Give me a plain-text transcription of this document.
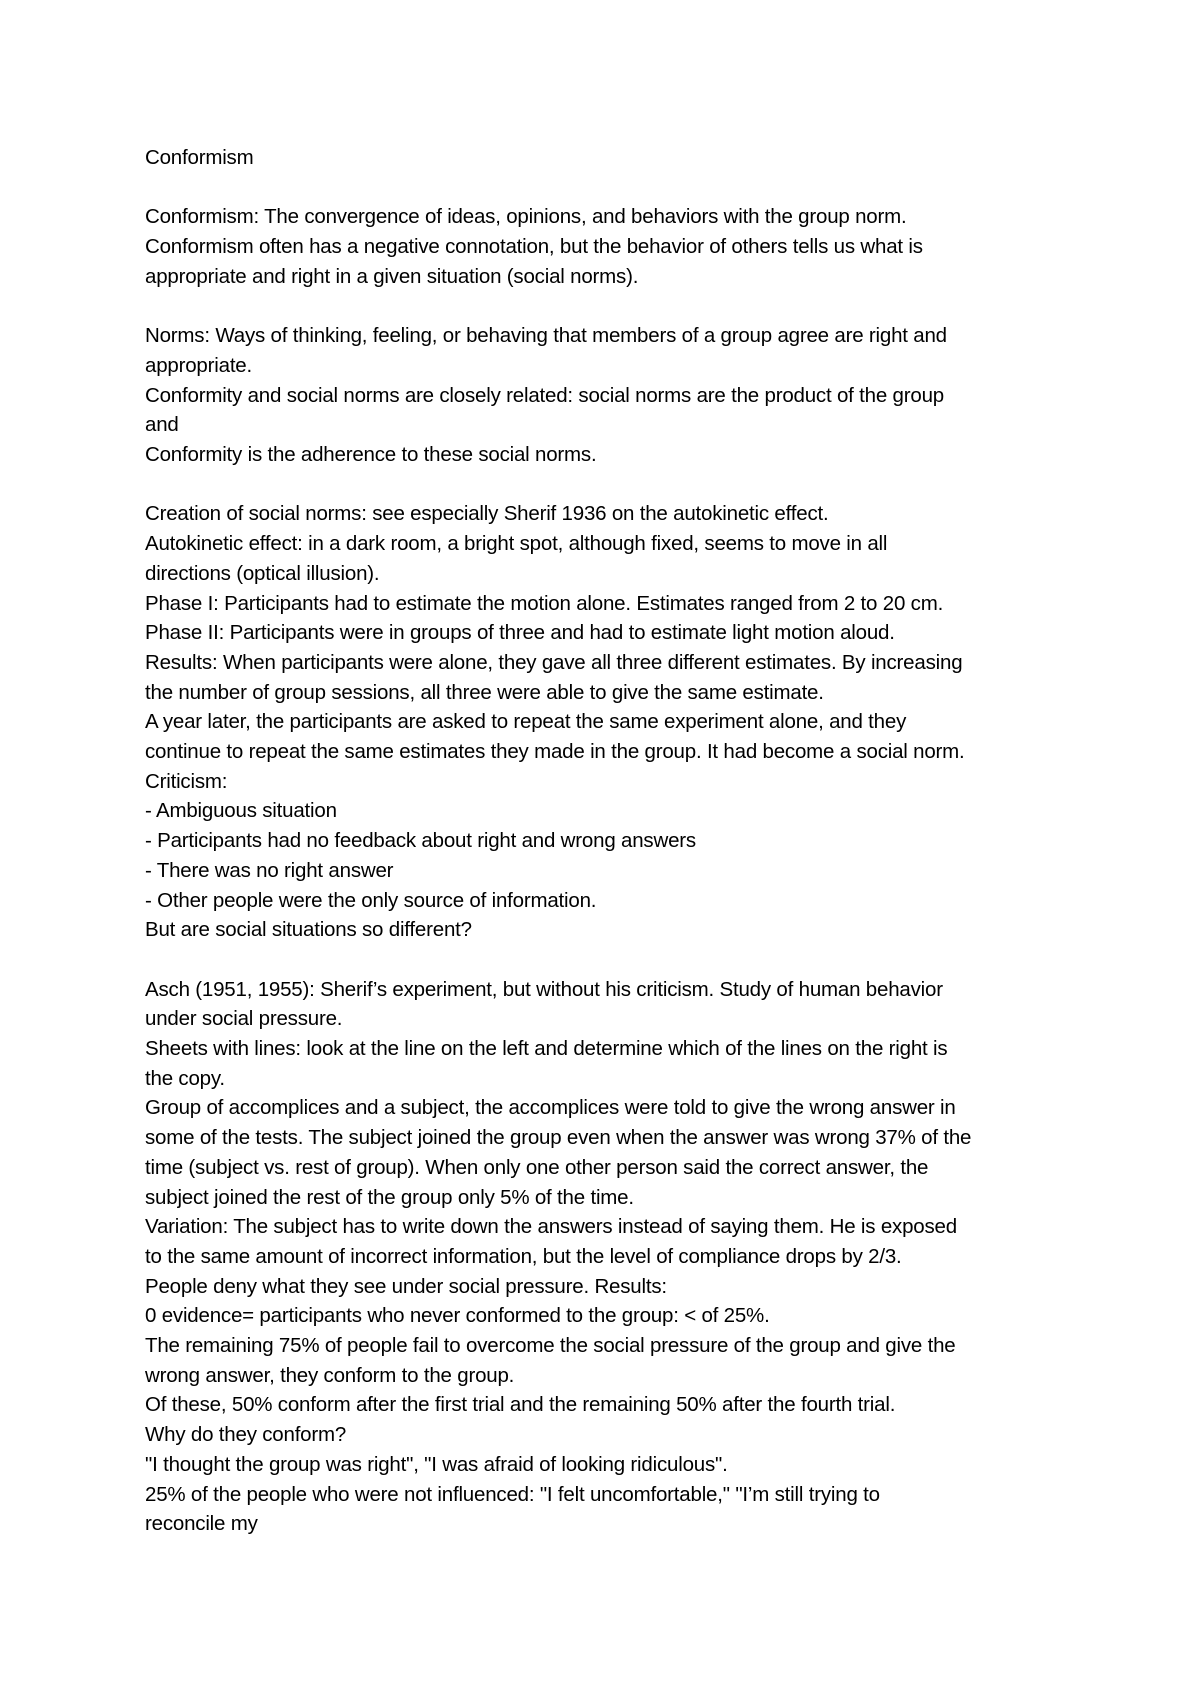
Conformism
Conformism: The convergence of ideas, opinions, and behaviors with the group norm.
Conformism often has a negative connotation, but the behavior of others tells us what is
appropriate and right in a given situation (social norms).
Norms: Ways of thinking, feeling, or behaving that members of a group agree are right and
appropriate.
Conformity and social norms are closely related: social norms are the product of the group
and
Conformity is the adherence to these social norms.
Creation of social norms: see especially Sherif 1936 on the autokinetic effect.
Autokinetic effect: in a dark room, a bright spot, although fixed, seems to move in all
directions (optical illusion).
Phase I: Participants had to estimate the motion alone. Estimates ranged from 2 to 20 cm.
Phase II: Participants were in groups of three and had to estimate light motion aloud.
Results: When participants were alone, they gave all three different estimates. By increasing
the number of group sessions, all three were able to give the same estimate.
A year later, the participants are asked to repeat the same experiment alone, and they
continue to repeat the same estimates they made in the group. It had become a social norm.
Criticism:
- Ambiguous situation
- Participants had no feedback about right and wrong answers
- There was no right answer
- Other people were the only source of information.
But are social situations so different?
Asch (1951, 1955): Sherif’s experiment, but without his criticism. Study of human behavior
under social pressure.
Sheets with lines: look at the line on the left and determine which of the lines on the right is
the copy.
Group of accomplices and a subject, the accomplices were told to give the wrong answer in
some of the tests. The subject joined the group even when the answer was wrong 37% of the
time (subject vs. rest of group). When only one other person said the correct answer, the
subject joined the rest of the group only 5% of the time.
Variation: The subject has to write down the answers instead of saying them. He is exposed
to the same amount of incorrect information, but the level of compliance drops by 2/3.
People deny what they see under social pressure. Results:
0 evidence= participants who never conformed to the group: < of 25%.
The remaining 75% of people fail to overcome the social pressure of the group and give the
wrong answer, they conform to the group.
Of these, 50% conform after the first trial and the remaining 50% after the fourth trial.
Why do they conform?
"I thought the group was right", "I was afraid of looking ridiculous".
25% of the people who were not influenced: "I felt uncomfortable," "I’m still trying to
reconcile my
